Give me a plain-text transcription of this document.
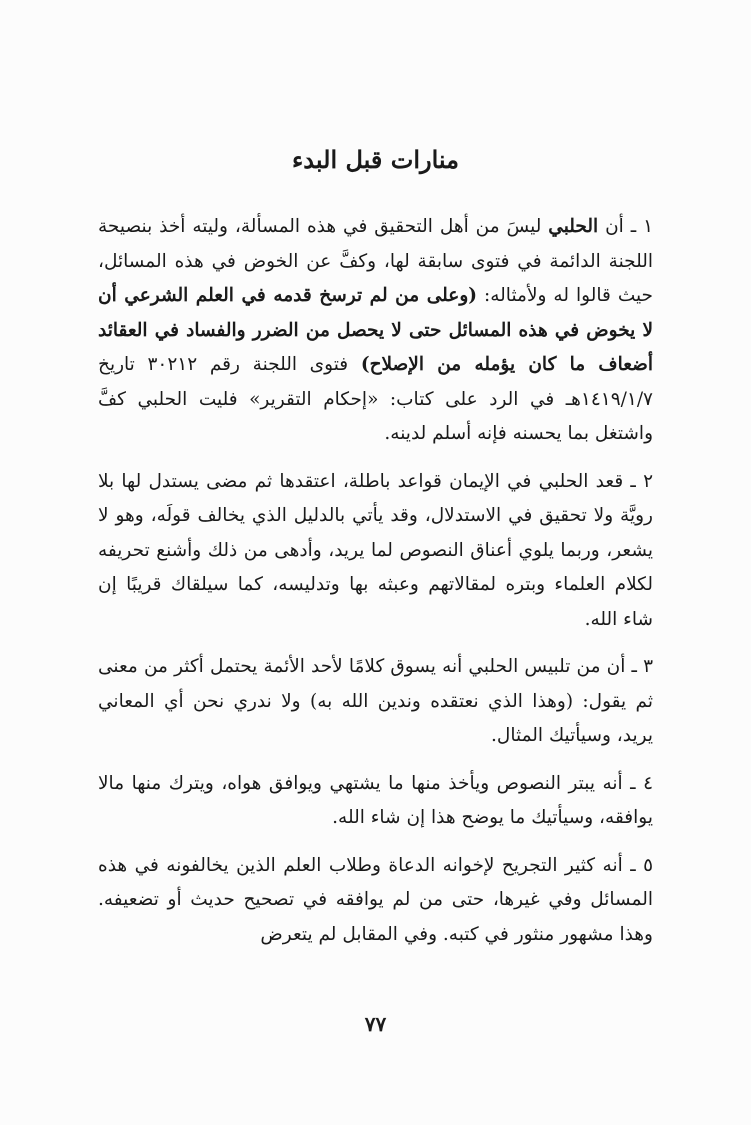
منارات قبل البدء

١ ـ أن الحلبي ليسَ من أهل التحقيق في هذه المسألة، وليته أخذ بنصيحة اللجنة الدائمة في فتوى سابقة لها، وكفَّ عن الخوض في هذه المسائل، حيث قالوا له ولأمثاله: (وعلى من لم ترسخ قدمه في العلم الشرعي أن لا يخوض في هذه المسائل حتى لا يحصل من الضرر والفساد في العقائد أضعاف ما كان يؤمله من الإصلاح) فتوى اللجنة رقم ٣٠٢١٢ تاريخ ١٤١٩/١/٧هـ في الرد على كتاب: «إحكام التقرير» فليت الحلبي كفَّ واشتغل بما يحسنه فإنه أسلم لدينه.

٢ ـ قعد الحلبي في الإيمان قواعد باطلة، اعتقدها ثم مضى يستدل لها بلا رويَّة ولا تحقيق في الاستدلال، وقد يأتي بالدليل الذي يخالف قولَه، وهو لا يشعر، وربما يلوي أعناق النصوص لما يريد، وأدهى من ذلك وأشنع تحريفه لكلام العلماء وبتره لمقالاتهم وعبثه بها وتدليسه، كما سيلقاك قريبًا إن شاء الله.

٣ ـ أن من تلبيس الحلبي أنه يسوق كلامًا لأحد الأئمة يحتمل أكثر من معنى ثم يقول: (وهذا الذي نعتقده وندين الله به) ولا ندري نحن أي المعاني يريد، وسيأتيك المثال.

٤ ـ أنه يبتر النصوص ويأخذ منها ما يشتهي ويوافق هواه، ويترك منها مالا يوافقه، وسيأتيك ما يوضح هذا إن شاء الله.

٥ ـ أنه كثير التجريح لإخوانه الدعاة وطلاب العلم الذين يخالفونه في هذه المسائل وفي غيرها، حتى من لم يوافقه في تصحيح حديث أو تضعيفه. وهذا مشهور منثور في كتبه. وفي المقابل لم يتعرض

٧٧
